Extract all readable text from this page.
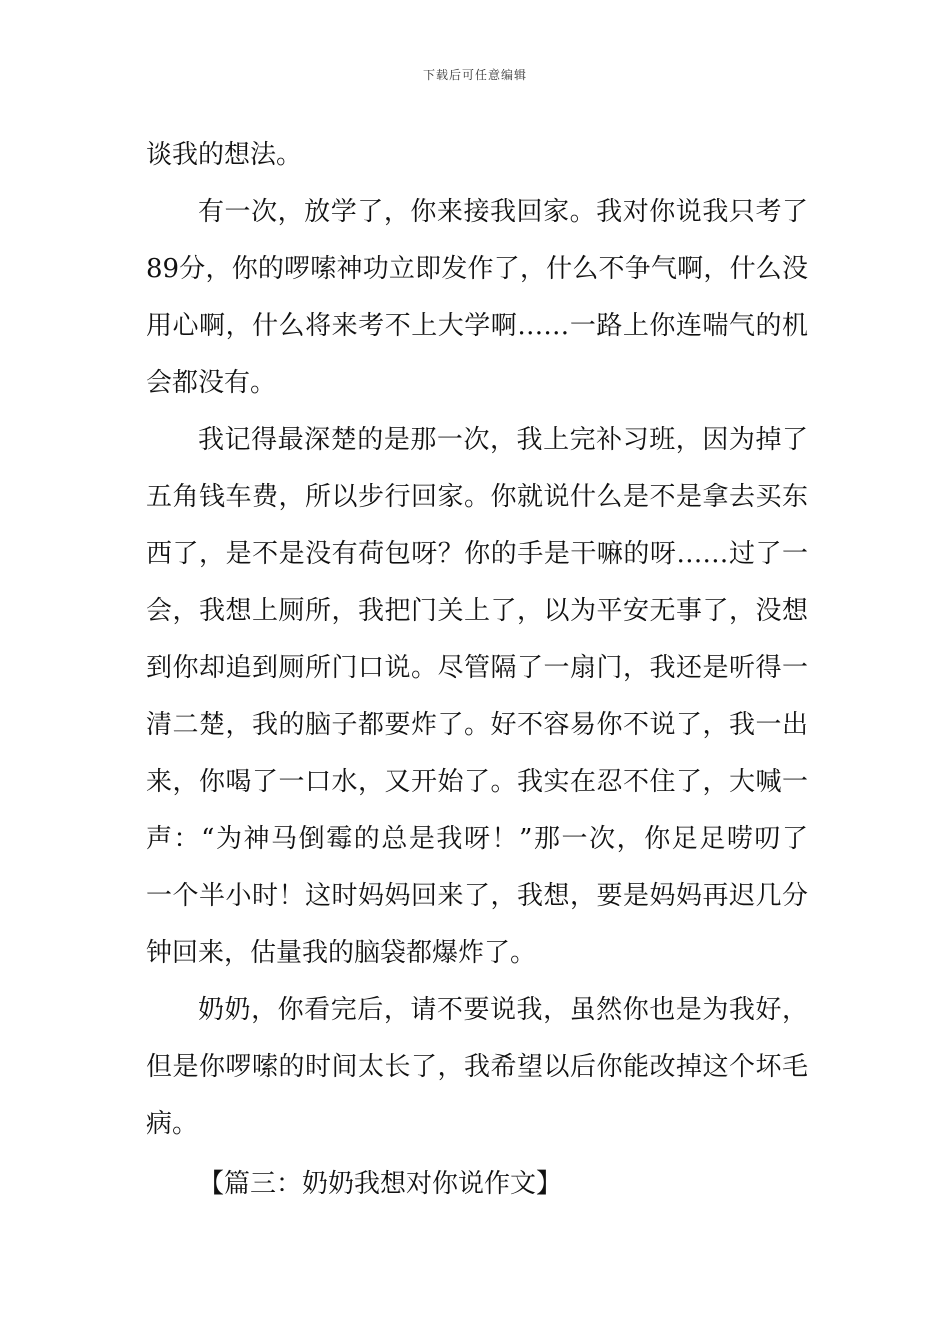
下载后可任意编辑
谈我的想法。
有一次，放学了，你来接我回家。我对你说我只考了
89分，你的啰嗦神功立即发作了，什么不争气啊，什么没
用心啊，什么将来考不上大学啊……一路上你连喘气的机
会都没有。
我记得最深楚的是那一次，我上完补习班，因为掉了
五角钱车费，所以步行回家。你就说什么是不是拿去买东
西了，是不是没有荷包呀？你的手是干嘛的呀……过了一
会，我想上厕所，我把门关上了，以为平安无事了，没想
到你却追到厕所门口说。尽管隔了一扇门，我还是听得一
清二楚，我的脑子都要炸了。好不容易你不说了，我一出
来，你喝了一口水，又开始了。我实在忍不住了，大喊一
声：“为神马倒霉的总是我呀！”那一次，你足足唠叨了
一个半小时！这时妈妈回来了，我想，要是妈妈再迟几分
钟回来，估量我的脑袋都爆炸了。
奶奶，你看完后，请不要说我，虽然你也是为我好，
但是你啰嗦的时间太长了，我希望以后你能改掉这个坏毛
病。
【篇三：奶奶我想对你说作文】
